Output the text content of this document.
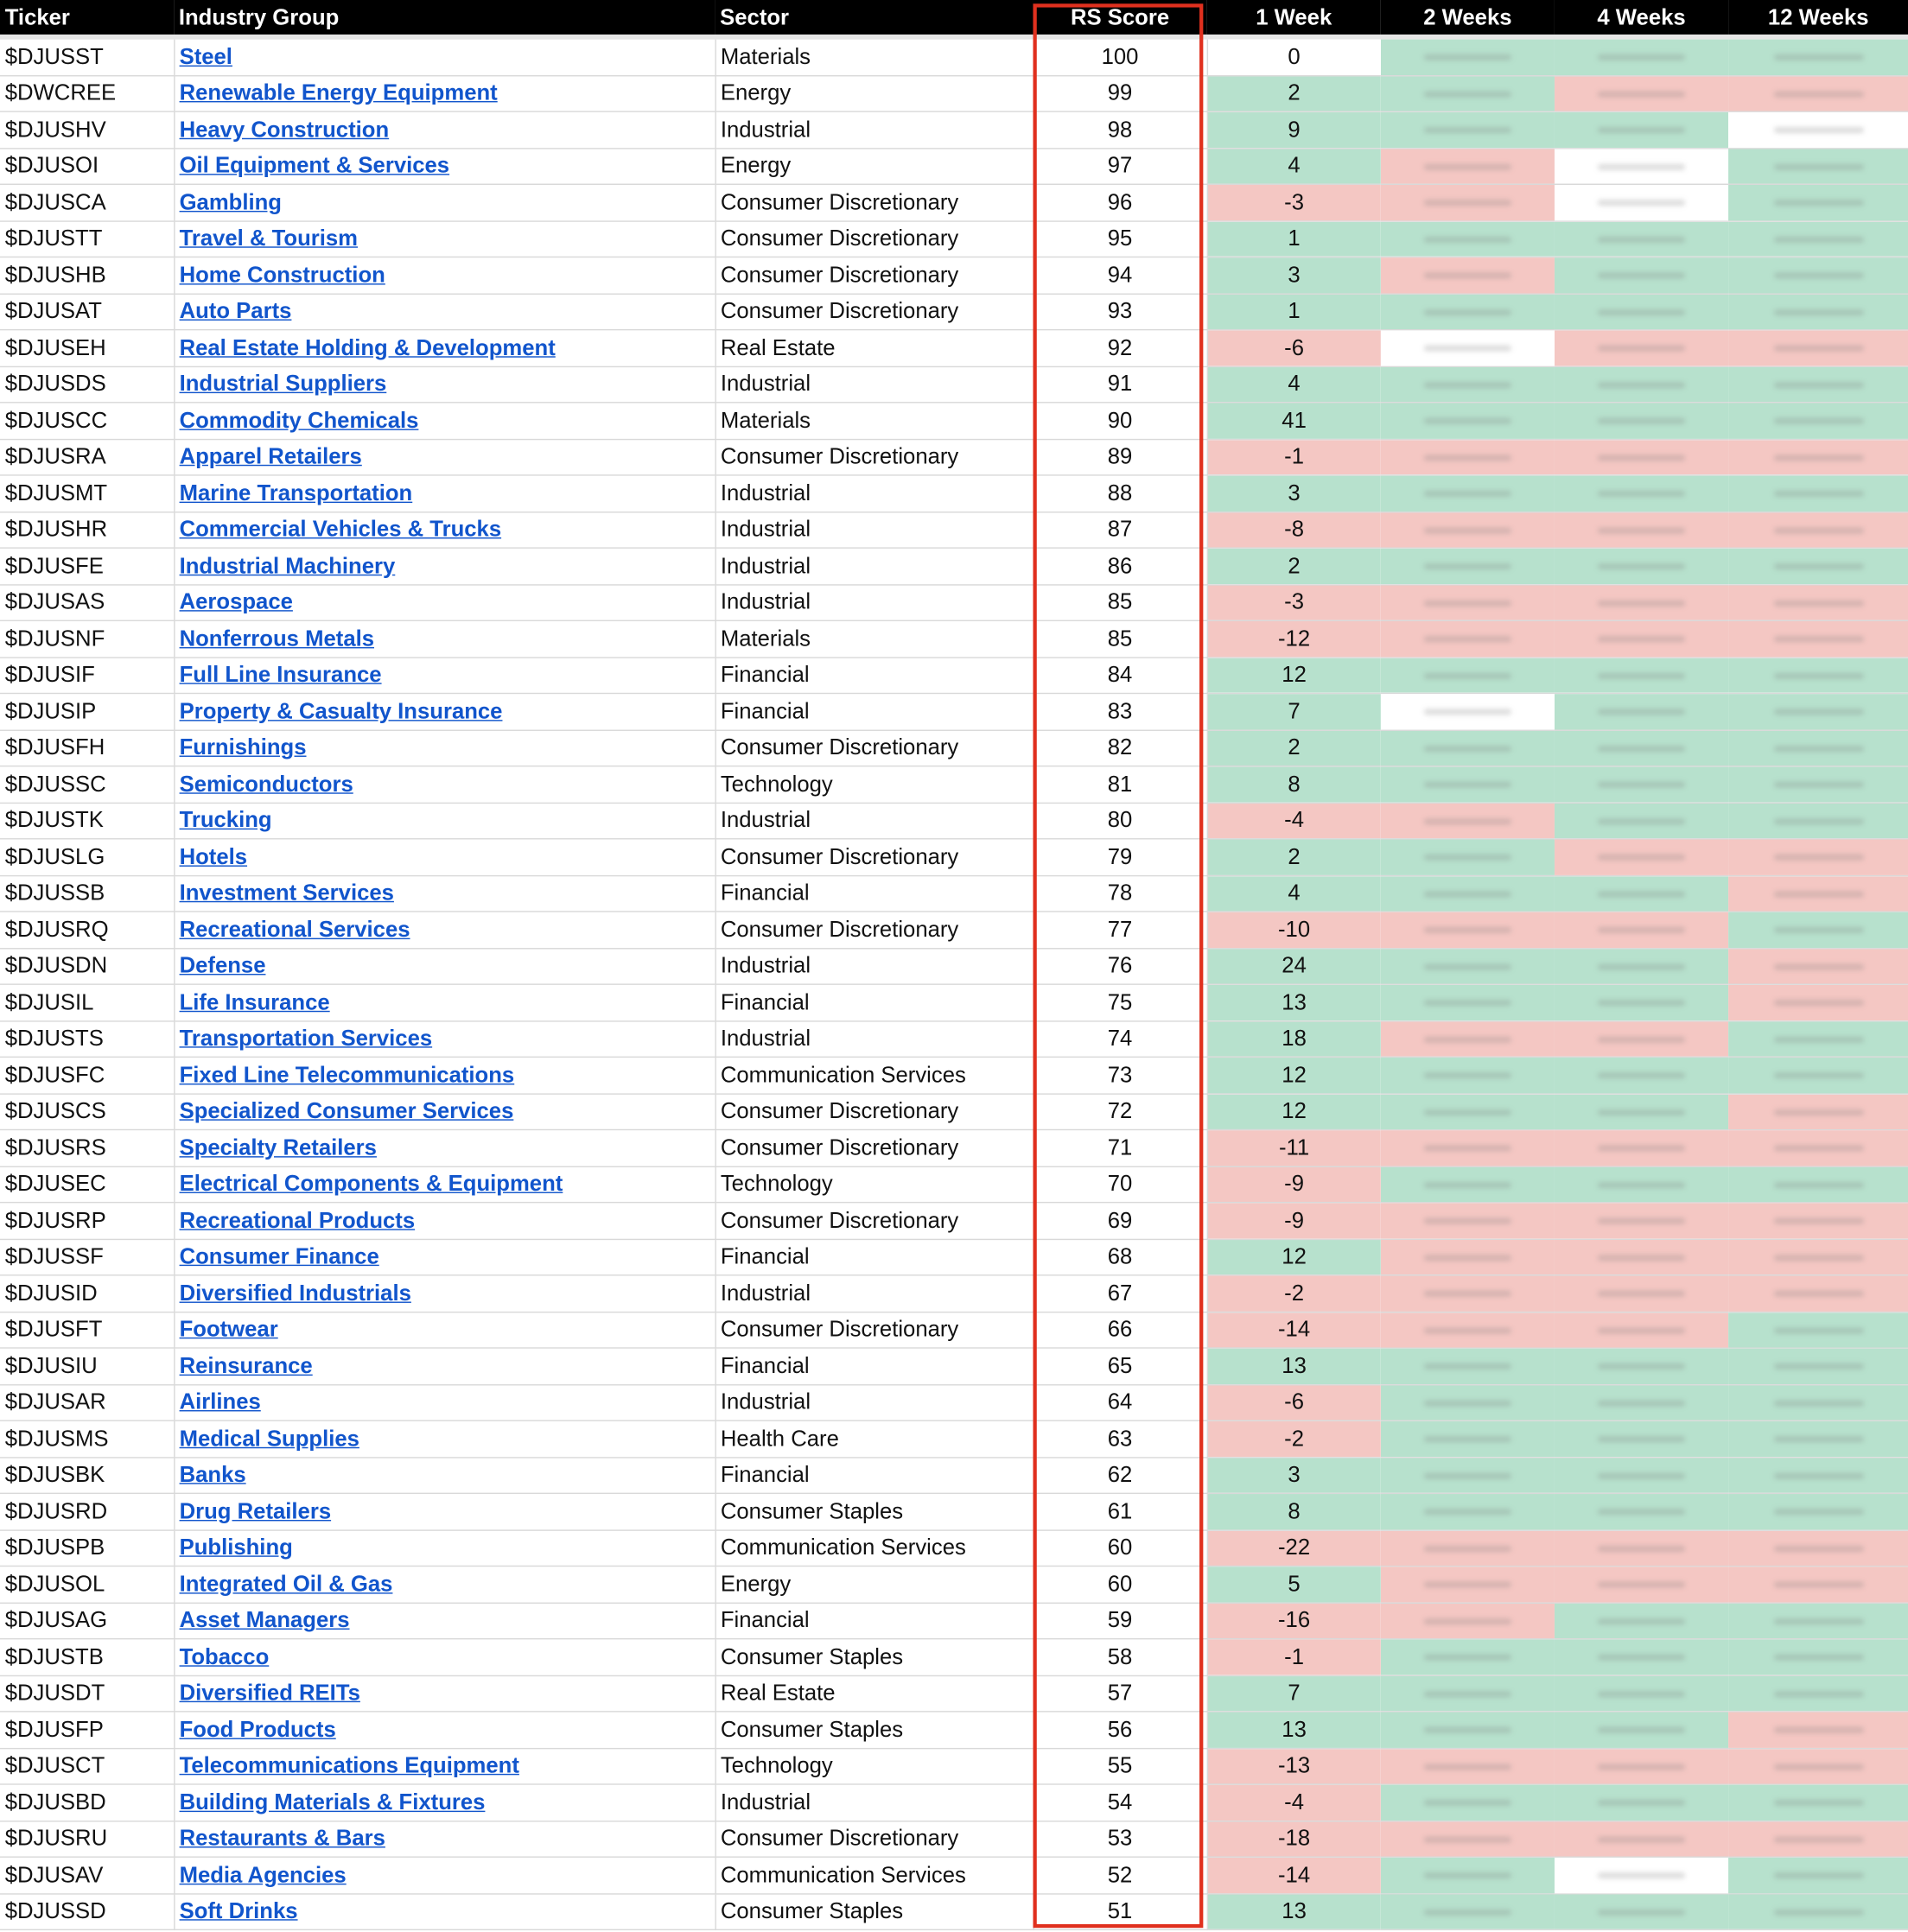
Ticker	Industry Group	Sector	RS Score	1 Week	2 Weeks	4 Weeks	12 Weeks

$DJUSST	Steel	Materials	100	0	

$DWCREE	Renewable Energy Equipment	Energy	99	2	

$DJUSHV	Heavy Construction	Industrial	98	9	

$DJUSOI	Oil Equipment & Services	Energy	97	4	

$DJUSCA	Gambling	Consumer Discretionary	96	-3	

$DJUSTT	Travel & Tourism	Consumer Discretionary	95	1	

$DJUSHB	Home Construction	Consumer Discretionary	94	3	

$DJUSAT	Auto Parts	Consumer Discretionary	93	1	

$DJUSEH	Real Estate Holding & Development	Real Estate	92	-6	

$DJUSDS	Industrial Suppliers	Industrial	91	4	

$DJUSCC	Commodity Chemicals	Materials	90	41	

$DJUSRA	Apparel Retailers	Consumer Discretionary	89	-1	

$DJUSMT	Marine Transportation	Industrial	88	3	

$DJUSHR	Commercial Vehicles & Trucks	Industrial	87	-8	

$DJUSFE	Industrial Machinery	Industrial	86	2	

$DJUSAS	Aerospace	Industrial	85	-3	

$DJUSNF	Nonferrous Metals	Materials	85	-12	

$DJUSIF	Full Line Insurance	Financial	84	12	

$DJUSIP	Property & Casualty Insurance	Financial	83	7	

$DJUSFH	Furnishings	Consumer Discretionary	82	2	

$DJUSSC	Semiconductors	Technology	81	8	

$DJUSTK	Trucking	Industrial	80	-4	

$DJUSLG	Hotels	Consumer Discretionary	79	2	

$DJUSSB	Investment Services	Financial	78	4	

$DJUSRQ	Recreational Services	Consumer Discretionary	77	-10	

$DJUSDN	Defense	Industrial	76	24	

$DJUSIL	Life Insurance	Financial	75	13	

$DJUSTS	Transportation Services	Industrial	74	18	

$DJUSFC	Fixed Line Telecommunications	Communication Services	73	12	

$DJUSCS	Specialized Consumer Services	Consumer Discretionary	72	12	

$DJUSRS	Specialty Retailers	Consumer Discretionary	71	-11	

$DJUSEC	Electrical Components & Equipment	Technology	70	-9	

$DJUSRP	Recreational Products	Consumer Discretionary	69	-9	

$DJUSSF	Consumer Finance	Financial	68	12	

$DJUSID	Diversified Industrials	Industrial	67	-2	

$DJUSFT	Footwear	Consumer Discretionary	66	-14	

$DJUSIU	Reinsurance	Financial	65	13	

$DJUSAR	Airlines	Industrial	64	-6	

$DJUSMS	Medical Supplies	Health Care	63	-2	

$DJUSBK	Banks	Financial	62	3	

$DJUSRD	Drug Retailers	Consumer Staples	61	8	

$DJUSPB	Publishing	Communication Services	60	-22	

$DJUSOL	Integrated Oil & Gas	Energy	60	5	

$DJUSAG	Asset Managers	Financial	59	-16	

$DJUSTB	Tobacco	Consumer Staples	58	-1	

$DJUSDT	Diversified REITs	Real Estate	57	7	

$DJUSFP	Food Products	Consumer Staples	56	13	

$DJUSCT	Telecommunications Equipment	Technology	55	-13	

$DJUSBD	Building Materials & Fixtures	Industrial	54	-4	

$DJUSRU	Restaurants & Bars	Consumer Discretionary	53	-18	

$DJUSAV	Media Agencies	Communication Services	52	-14	

$DJUSSD	Soft Drinks	Consumer Staples	51	13	
